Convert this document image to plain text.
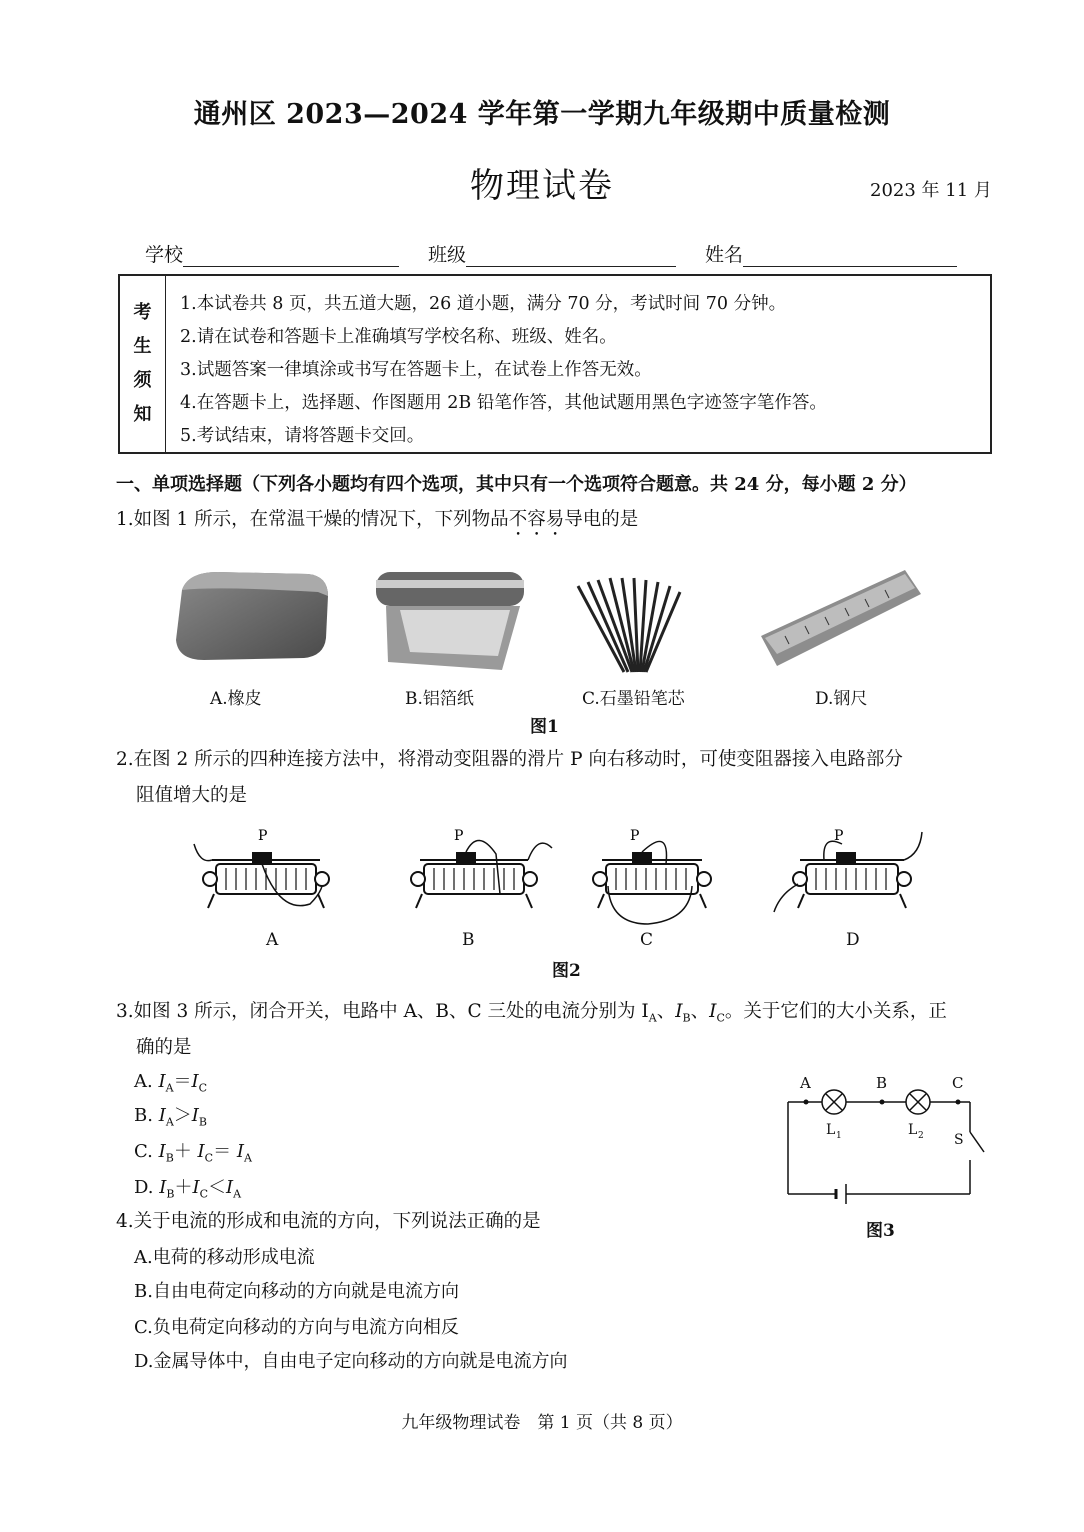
通州区 2023—2024 学年第一学期九年级期中质量检测
物理试卷	2023 年 11 月
学校	班级	姓名
考
生
须
知
1.本试卷共 8 页，共五道大题，26 道小题，满分 70 分，考试时间 70 分钟。
2.请在试卷和答题卡上准确填写学校名称、班级、姓名。
3.试题答案一律填涂或书写在答题卡上，在试卷上作答无效。
4.在答题卡上，选择题、作图题用 2B 铅笔作答，其他试题用黑色字迹签字笔作答。
5.考试结束，请将答题卡交回。
一、单项选择题（下列各小题均有四个选项，其中只有一个选项符合题意。共 24 分，每小题 2 分）
1.如图 1 所示，在常温干燥的情况下，下列物品不容易导电的是
A.橡皮	B.铝箔纸	C.石墨铅笔芯	D.钢尺
图1
2.在图 2 所示的四种连接方法中，将滑动变阻器的滑片 P 向右移动时，可使变阻器接入电路部分
阻值增大的是
P	P	P	P
A	B	C	D
图2
3.如图 3 所示，闭合开关，电路中 A、B、C 三处的电流分别为 $I_A$、$I_B$、$I_C$。关于它们的大小关系，正
确的是
A. $I_A=I_C$
B. $I_A>I_B$
C. $I_B+ I_C= I_A$
D. $I_B+I_C<I_A$
A	B	C
L 1	L 2 S
图3
4.关于电流的形成和电流的方向，下列说法正确的是
A.电荷的移动形成电流
B.自由电荷定向移动的方向就是电流方向
C.负电荷定向移动的方向与电流方向相反
D.金属导体中，自由电子定向移动的方向就是电流方向
九年级物理试卷　第 1 页（共 8 页）
